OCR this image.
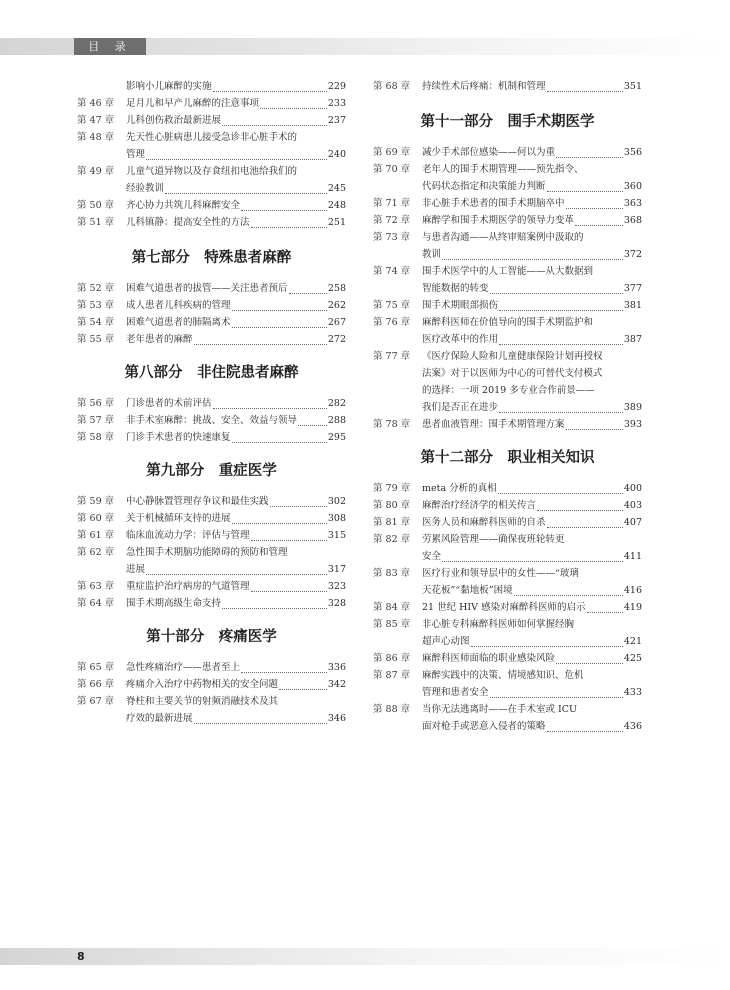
目 录
影响小儿麻醉的实施	229
第 46 章	足月儿和早产儿麻醉的注意事项	233
第 47 章	儿科创伤救治最新进展	237
第 48 章	先天性心脏病患儿接受急诊非心脏手术的
管理	240
第 49 章	儿童气道异物以及存食纽扣电池给我们的
经验教训	245
第 50 章	齐心协力共筑儿科麻醉安全	248
第 51 章	儿科镇静：提高安全性的方法	251
第七部分　特殊患者麻醉
第 52 章	困难气道患者的拔管——关注患者预后	258
第 53 章	成人患者儿科疾病的管理	262
第 54 章	困难气道患者的肺隔离术	267
第 55 章	老年患者的麻醉	272
第八部分　非住院患者麻醉
第 56 章	门诊患者的术前评估	282
第 57 章	非手术室麻醉：挑战、安全、效益与领导	288
第 58 章	门诊手术患者的快速康复	295
第九部分　重症医学
第 59 章	中心静脉置管理存争议和最佳实践	302
第 60 章	关于机械循环支持的进展	308
第 61 章	临床血流动力学：评估与管理	315
第 62 章	急性围手术期脑功能障碍的预防和管理
进展	317
第 63 章	重症监护治疗病房的气道管理	323
第 64 章	围手术期高级生命支持	328
第十部分　疼痛医学
第 65 章	急性疼痛治疗——患者至上	336
第 66 章	疼痛介入治疗中药物相关的安全问题	342
第 67 章	脊柱和主要关节的射频消融技术及其
疗效的最新进展	346
第 68 章	持续性术后疼痛：机制和管理	351
第十一部分　围手术期医学
第 69 章	减少手术部位感染——何以为重	356
第 70 章	老年人的围手术期管理——预先指令、
代码状态指定和决策能力判断	360
第 71 章	非心脏手术患者的围手术期脑卒中	363
第 72 章	麻醉学和围手术期医学的领导力变革	368
第 73 章	与患者沟通——从终审赔案例中汲取的
教训	372
第 74 章	围手术医学中的人工智能——从大数据到
智能数据的转变	377
第 75 章	围手术期眼部损伤	381
第 76 章	麻醉科医师在价值导向的围手术期监护和
医疗改革中的作用	387
第 77 章	《医疗保险人险和儿童健康保险计划再授权
法案》对于以医师为中心的可替代支付模式
的选择：一项 2019 多专业合作前景——
我们是否正在进步	389
第 78 章	患者血液管理：围手术期管理方案	393
第十二部分　职业相关知识
第 79 章	meta 分析的真相	400
第 80 章	麻醉治疗经济学的相关传言	403
第 81 章	医务人员和麻醉科医师的自杀	407
第 82 章	劳累风险管理——确保夜班轮转更
安全	411
第 83 章	医疗行业和领导层中的女性——“玻璃
天花板”“黏地板”困境	416
第 84 章	21 世纪 HIV 感染对麻醉科医师的启示	419
第 85 章	非心脏专科麻醉科医师如何掌握经胸
超声心动图	421
第 86 章	麻醉科医师面临的职业感染风险	425
第 87 章	麻醉实践中的决策、情境感知识、危机
管理和患者安全	433
第 88 章	当你无法逃离时——在手术室或 ICU
面对枪手或恶意入侵者的策略	436
8
